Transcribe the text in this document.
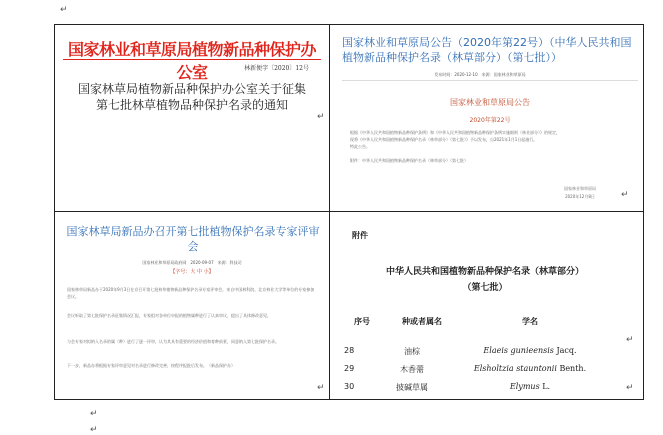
↵
↵
↵
国家林业和草原局植物新品种保护办公室	林新便字〔2020〕12号
国家林草局植物新品种保护办公室关于征集
第七批林草植物品种保护名录的通知
↵
国家林业和草原局公告（2020年第22号）（中华人民共和国
植物新品种保护名录（林草部分）（第七批））
发布时间：2020-12-10　来源：国家林业和草原局
国家林业和草原局公告
2020年第22号
根据《中华人民共和国植物新品种保护条例》和《中华人民共和国植物新品种保护条例实施细则（林业部分）》的规定，
现将《中华人民共和国植物新品种保护名录（林草部分）（第七批）》予以发布，自2021年1月1日起施行。
特此公告。
附件：中华人民共和国植物新品种保护名录（林草部分）（第七批）
国家林业和草原局
2020年12月8日	↵
国家林草局新品办召开第七批植物保护名录专家评审
会
国家林业和草原局政府网　2020-09-07　来源：科技司
【字号：大 中 小】
国家林草局新品办于2020年9月3日在京召开第七批林草植物新品种保护名录专家评审会，来自中国林科院、北京林业大学等单位的专家参加会议。
会议听取了第七批保护名录征集情况汇报，专家组对各单位申报的植物属种进行了认真审议，提出了具体修改意见。
与会专家对拟纳入名录的属（种）进行了逐一评审，认为其具有重要的经济价值和育种前景，同意纳入第七批保护名录。
下一步，新品办将根据专家评审意见对名录进行修改完善，按程序报批后发布。（新品保护办）
↵
附件
中华人民共和国植物新品种保护名录（林草部分）
（第七批）
序号	种或者属名	学名
28	油棕	Elaeis gunieensis Jacq.
29	木香薷	Elsholtzia stauntonii Benth.
30	披碱草属	Elymus L.
↵
↵
